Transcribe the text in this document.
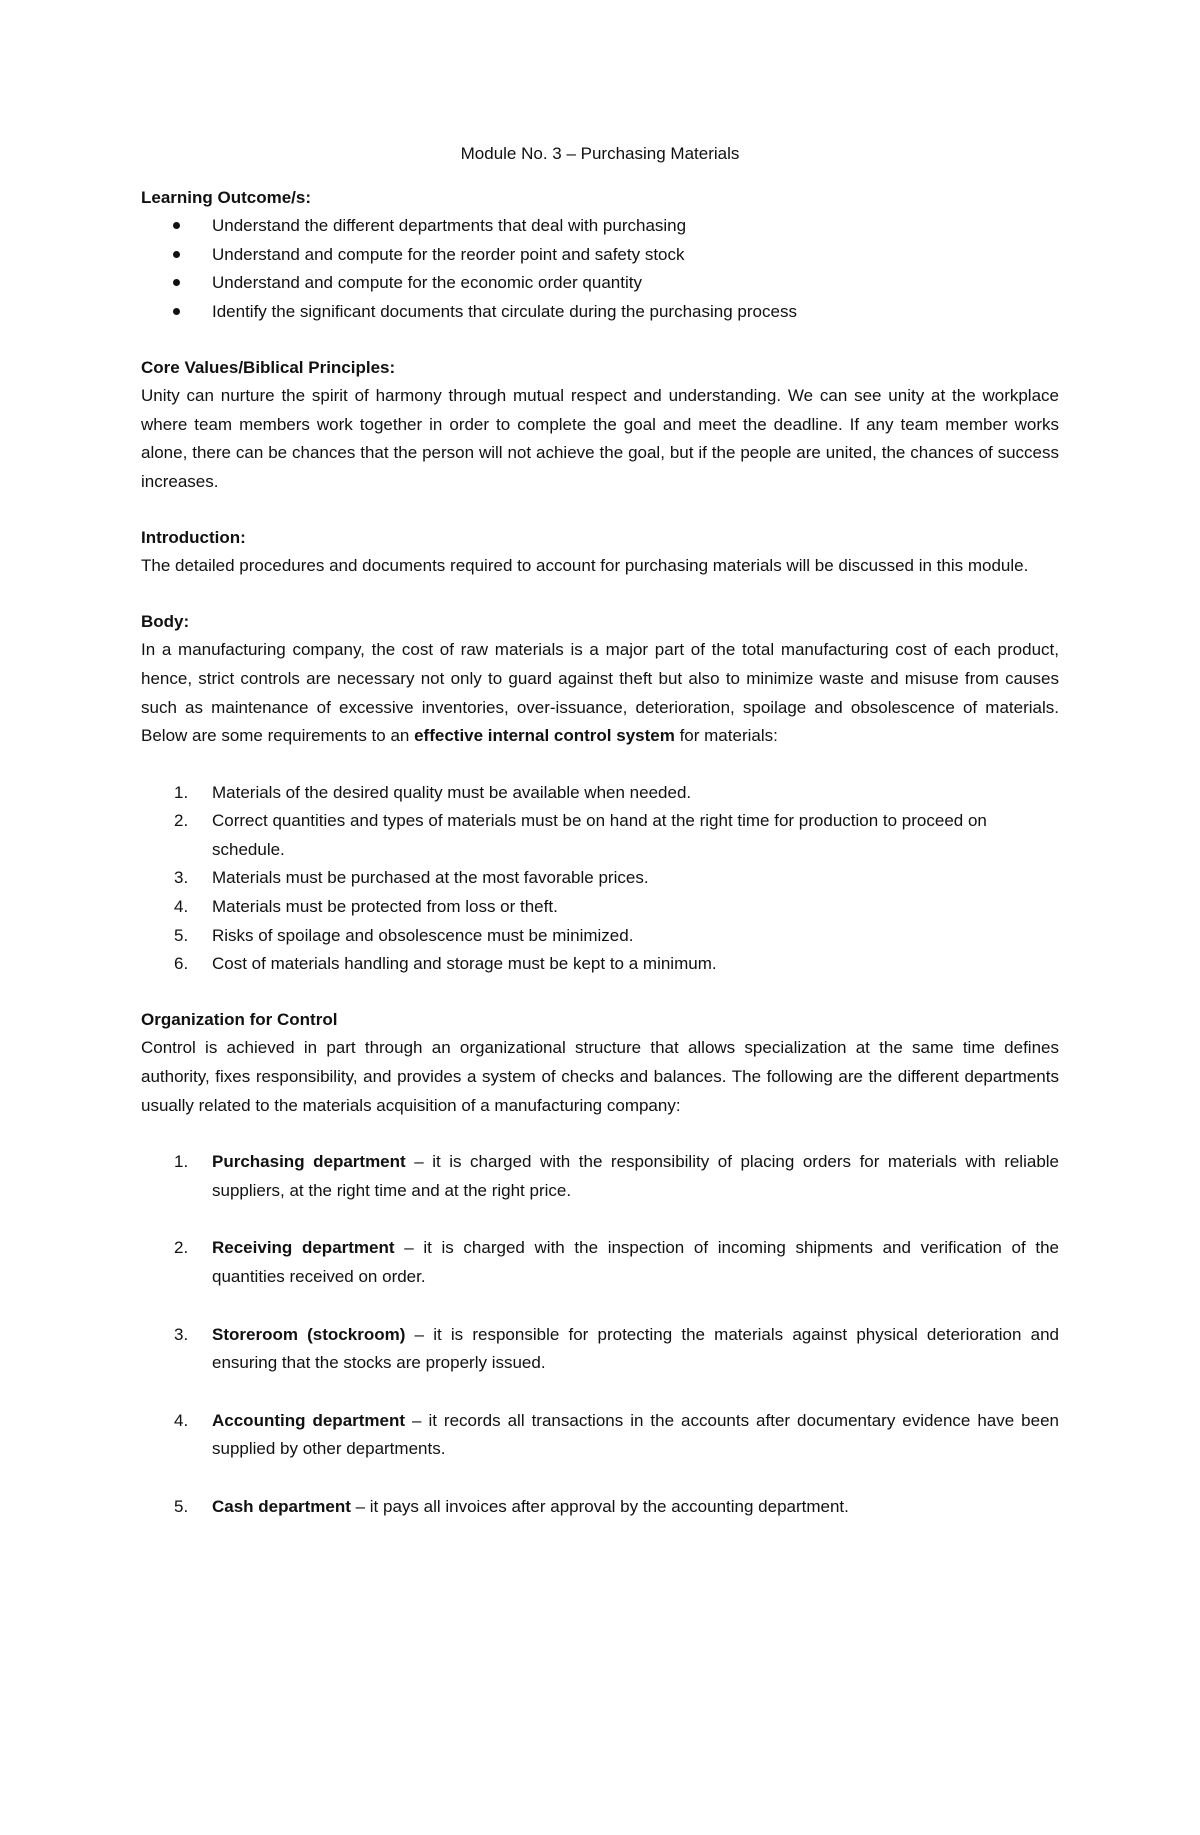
Module No. 3 – Purchasing Materials

Learning Outcome/s:

Understand the different departments that deal with purchasing
Understand and compute for the reorder point and safety stock
Understand and compute for the economic order quantity
Identify the significant documents that circulate during the purchasing process

Core Values/Biblical Principles:

Unity can nurture the spirit of harmony through mutual respect and understanding. We can see unity at the workplace where team members work together in order to complete the goal and meet the deadline. If any team member works alone, there can be chances that the person will not achieve the goal, but if the people are united, the chances of success increases.

Introduction:

The detailed procedures and documents required to account for purchasing materials will be discussed in this module.

Body:

In a manufacturing company, the cost of raw materials is a major part of the total manufacturing cost of each product, hence, strict controls are necessary not only to guard against theft but also to minimize waste and misuse from causes such as maintenance of excessive inventories, over-issuance, deterioration, spoilage and obsolescence of materials. Below are some requirements to an effective internal control system for materials:

1. Materials of the desired quality must be available when needed.
2. Correct quantities and types of materials must be on hand at the right time for production to proceed on schedule.
3. Materials must be purchased at the most favorable prices.
4. Materials must be protected from loss or theft.
5. Risks of spoilage and obsolescence must be minimized.
6. Cost of materials handling and storage must be kept to a minimum.

Organization for Control

Control is achieved in part through an organizational structure that allows specialization at the same time defines authority, fixes responsibility, and provides a system of checks and balances. The following are the different departments usually related to the materials acquisition of a manufacturing company:

1. Purchasing department – it is charged with the responsibility of placing orders for materials with reliable suppliers, at the right time and at the right price.
2. Receiving department – it is charged with the inspection of incoming shipments and verification of the quantities received on order.
3. Storeroom (stockroom) – it is responsible for protecting the materials against physical deterioration and ensuring that the stocks are properly issued.
4. Accounting department – it records all transactions in the accounts after documentary evidence have been supplied by other departments.
5. Cash department – it pays all invoices after approval by the accounting department.
